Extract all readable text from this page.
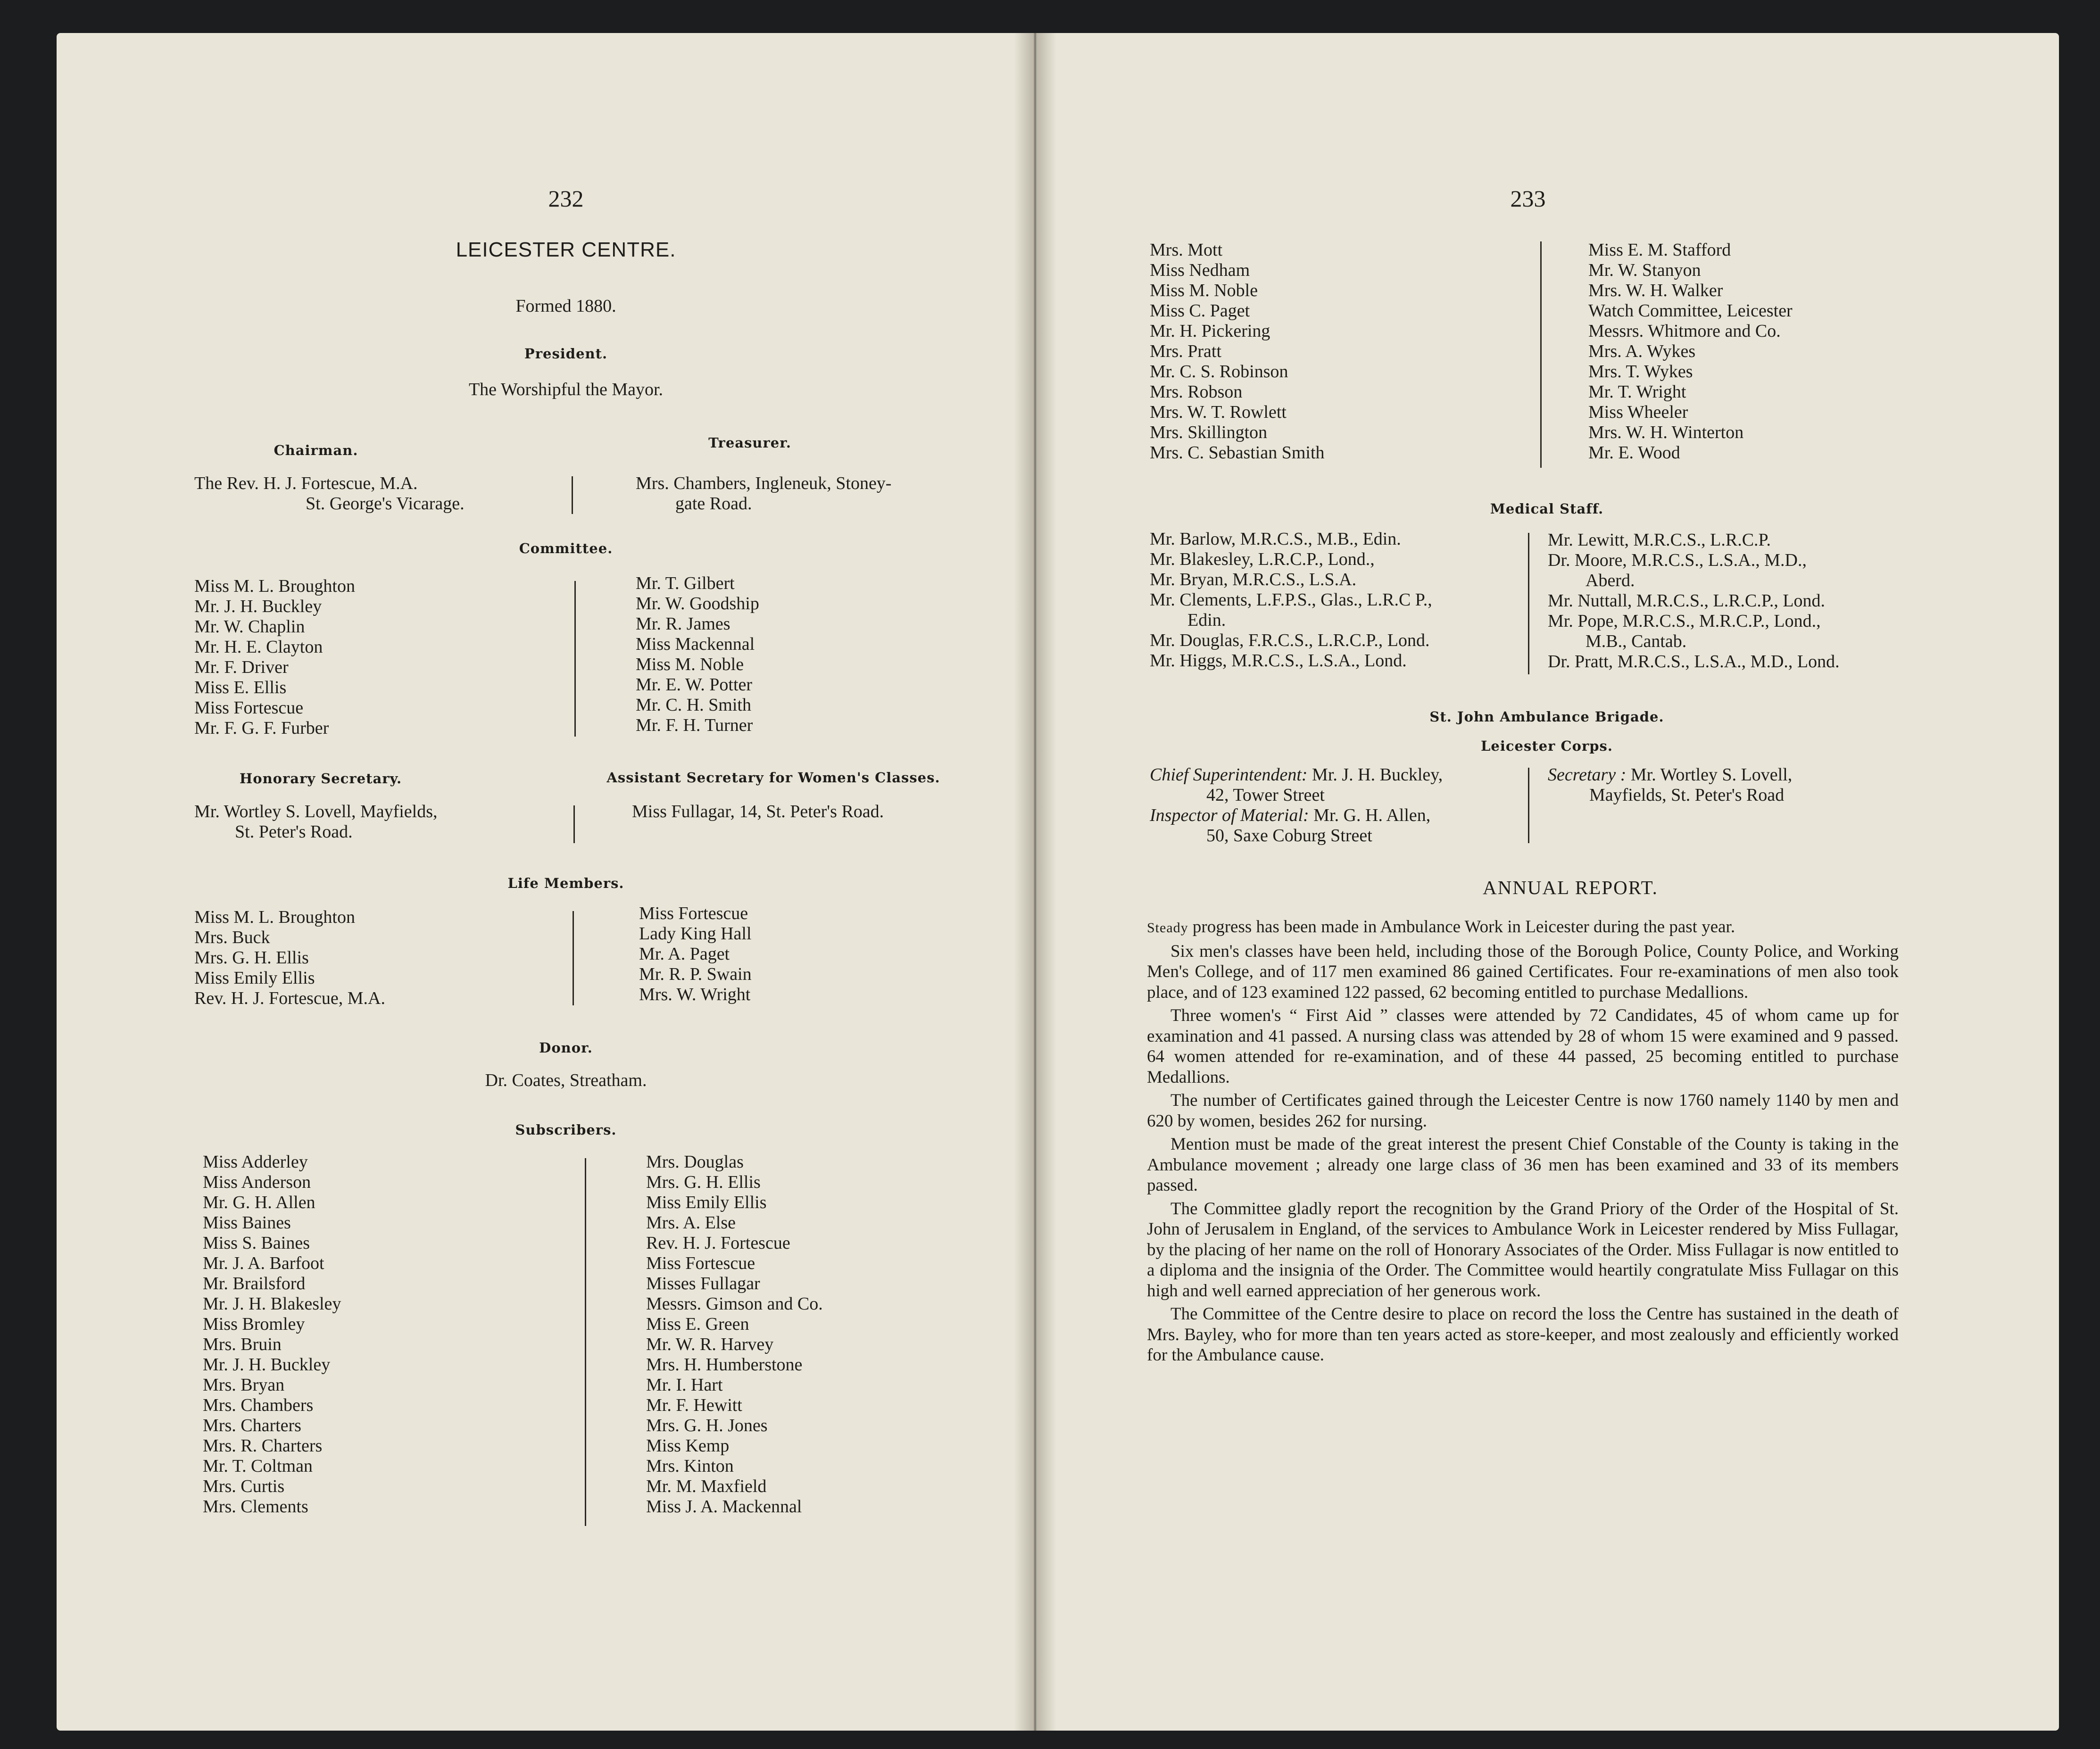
232
LEICESTER CENTRE.
Formed 1880.
President.
The Worshipful the Mayor.
Chairman.
The Rev. H. J. Fortescue, M.A.
St. George's Vicarage.
Treasurer.
Mrs. Chambers, Ingleneuk, Stoney-
gate Road.
Committee.
Miss M. L. Broughton
Mr. J. H. Buckley
Mr. W. Chaplin
Mr. H. E. Clayton
Mr. F. Driver
Miss E. Ellis
Miss Fortescue
Mr. F. G. F. Furber
Mr. T. Gilbert
Mr. W. Goodship
Mr. R. James
Miss Mackennal
Miss M. Noble
Mr. E. W. Potter
Mr. C. H. Smith
Mr. F. H. Turner
Honorary Secretary.
Mr. Wortley S. Lovell, Mayfields,
St. Peter's Road.
Assistant Secretary for Women's Classes.
Miss Fullagar, 14, St. Peter's Road.
Life Members.
Miss M. L. Broughton
Mrs. Buck
Mrs. G. H. Ellis
Miss Emily Ellis
Rev. H. J. Fortescue, M.A.
Miss Fortescue
Lady King Hall
Mr. A. Paget
Mr. R. P. Swain
Mrs. W. Wright
Donor.
Dr. Coates, Streatham.
Subscribers.
Miss Adderley
Miss Anderson
Mr. G. H. Allen
Miss Baines
Miss S. Baines
Mr. J. A. Barfoot
Mr. Brailsford
Mr. J. H. Blakesley
Miss Bromley
Mrs. Bruin
Mr. J. H. Buckley
Mrs. Bryan
Mrs. Chambers
Mrs. Charters
Mrs. R. Charters
Mr. T. Coltman
Mrs. Curtis
Mrs. Clements
Mrs. Douglas
Mrs. G. H. Ellis
Miss Emily Ellis
Mrs. A. Else
Rev. H. J. Fortescue
Miss Fortescue
Misses Fullagar
Messrs. Gimson and Co.
Miss E. Green
Mr. W. R. Harvey
Mrs. H. Humberstone
Mr. I. Hart
Mr. F. Hewitt
Mrs. G. H. Jones
Miss Kemp
Mrs. Kinton
Mr. M. Maxfield
Miss J. A. Mackennal
233
Mrs. Mott
Miss Nedham
Miss M. Noble
Miss C. Paget
Mr. H. Pickering
Mrs. Pratt
Mr. C. S. Robinson
Mrs. Robson
Mrs. W. T. Rowlett
Mrs. Skillington
Mrs. C. Sebastian Smith
Miss E. M. Stafford
Mr. W. Stanyon
Mrs. W. H. Walker
Watch Committee, Leicester
Messrs. Whitmore and Co.
Mrs. A. Wykes
Mrs. T. Wykes
Mr. T. Wright
Miss Wheeler
Mrs. W. H. Winterton
Mr. E. Wood
Medical Staff.
Mr. Barlow, M.R.C.S., M.B., Edin.
Mr. Blakesley, L.R.C.P., Lond.,
Mr. Bryan, M.R.C.S., L.S.A.
Mr. Clements, L.F.P.S., Glas., L.R.C P.,
Edin.
Mr. Douglas, F.R.C.S., L.R.C.P., Lond.
Mr. Higgs, M.R.C.S., L.S.A., Lond.
Mr. Lewitt, M.R.C.S., L.R.C.P.
Dr. Moore, M.R.C.S., L.S.A., M.D.,
Aberd.
Mr. Nuttall, M.R.C.S., L.R.C.P., Lond.
Mr. Pope, M.R.C.S., M.R.C.P., Lond.,
M.B., Cantab.
Dr. Pratt, M.R.C.S., L.S.A., M.D., Lond.
St. John Ambulance Brigade.
Leicester Corps.
Chief Superintendent: Mr. J. H. Buckley,
42, Tower Street
Inspector of Material: Mr. G. H. Allen,
50, Saxe Coburg Street
Secretary : Mr. Wortley S. Lovell,
Mayfields, St. Peter's Road
ANNUAL REPORT.

Steady progress has been made in Ambulance Work in Leicester during the past year.

Six men's classes have been held, including those of the Borough Police, County Police, and Working Men's College, and of 117 men examined 86 gained Certificates. Four re-examinations of men also took place, and of 123 examined 122 passed, 62 becoming entitled to purchase Medallions.

Three women's “ First Aid ” classes were attended by 72 Candidates, 45 of whom came up for examination and 41 passed. A nursing class was attended by 28 of whom 15 were examined and 9 passed. 64 women attended for re-examination, and of these 44 passed, 25 becoming entitled to purchase Medallions.

The number of Certificates gained through the Leicester Centre is now 1760 namely 1140 by men and 620 by women, besides 262 for nursing.

Mention must be made of the great interest the present Chief Constable of the County is taking in the Ambulance movement ; already one large class of 36 men has been examined and 33 of its members passed.

The Committee gladly report the recognition by the Grand Priory of the Order of the Hospital of St. John of Jerusalem in England, of the services to Ambulance Work in Leicester rendered by Miss Fullagar, by the placing of her name on the roll of Honorary Associates of the Order. Miss Fullagar is now entitled to a diploma and the insignia of the Order. The Committee would heartily congratulate Miss Fullagar on this high and well earned appreciation of her generous work.

The Committee of the Centre desire to place on record the loss the Centre has sustained in the death of Mrs. Bayley, who for more than ten years acted as store-keeper, and most zealously and efficiently worked for the Ambulance cause.
